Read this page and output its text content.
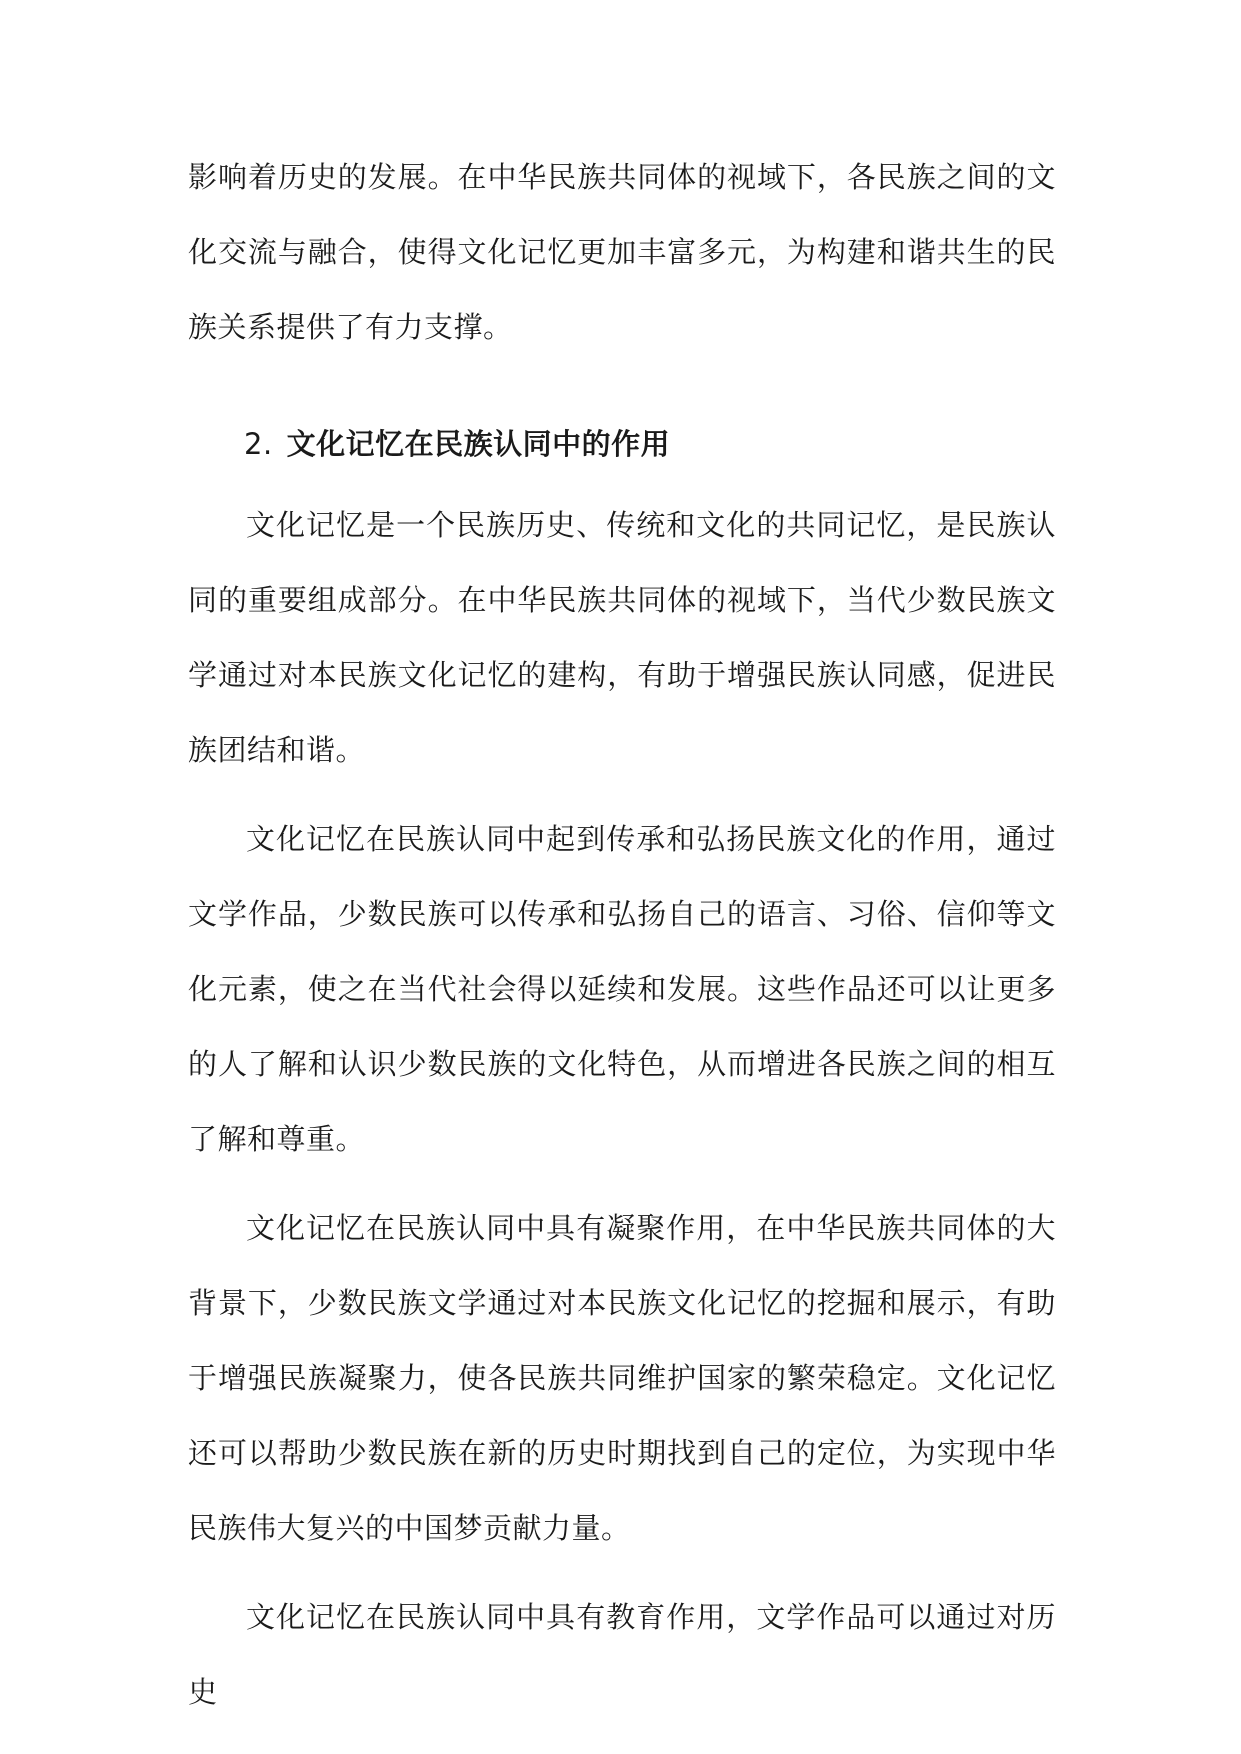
影响着历史的发展。在中华民族共同体的视域下，各民族之间的文化交流与融合，使得文化记忆更加丰富多元，为构建和谐共生的民族关系提供了有力支撑。

2. 文化记忆在民族认同中的作用

文化记忆是一个民族历史、传统和文化的共同记忆，是民族认同的重要组成部分。在中华民族共同体的视域下，当代少数民族文学通过对本民族文化记忆的建构，有助于增强民族认同感，促进民族团结和谐。

文化记忆在民族认同中起到传承和弘扬民族文化的作用，通过文学作品，少数民族可以传承和弘扬自己的语言、习俗、信仰等文化元素，使之在当代社会得以延续和发展。这些作品还可以让更多的人了解和认识少数民族的文化特色，从而增进各民族之间的相互了解和尊重。

文化记忆在民族认同中具有凝聚作用，在中华民族共同体的大背景下，少数民族文学通过对本民族文化记忆的挖掘和展示，有助于增强民族凝聚力，使各民族共同维护国家的繁荣稳定。文化记忆还可以帮助少数民族在新的历史时期找到自己的定位，为实现中华民族伟大复兴的中国梦贡献力量。

文化记忆在民族认同中具有教育作用，文学作品可以通过对历史
